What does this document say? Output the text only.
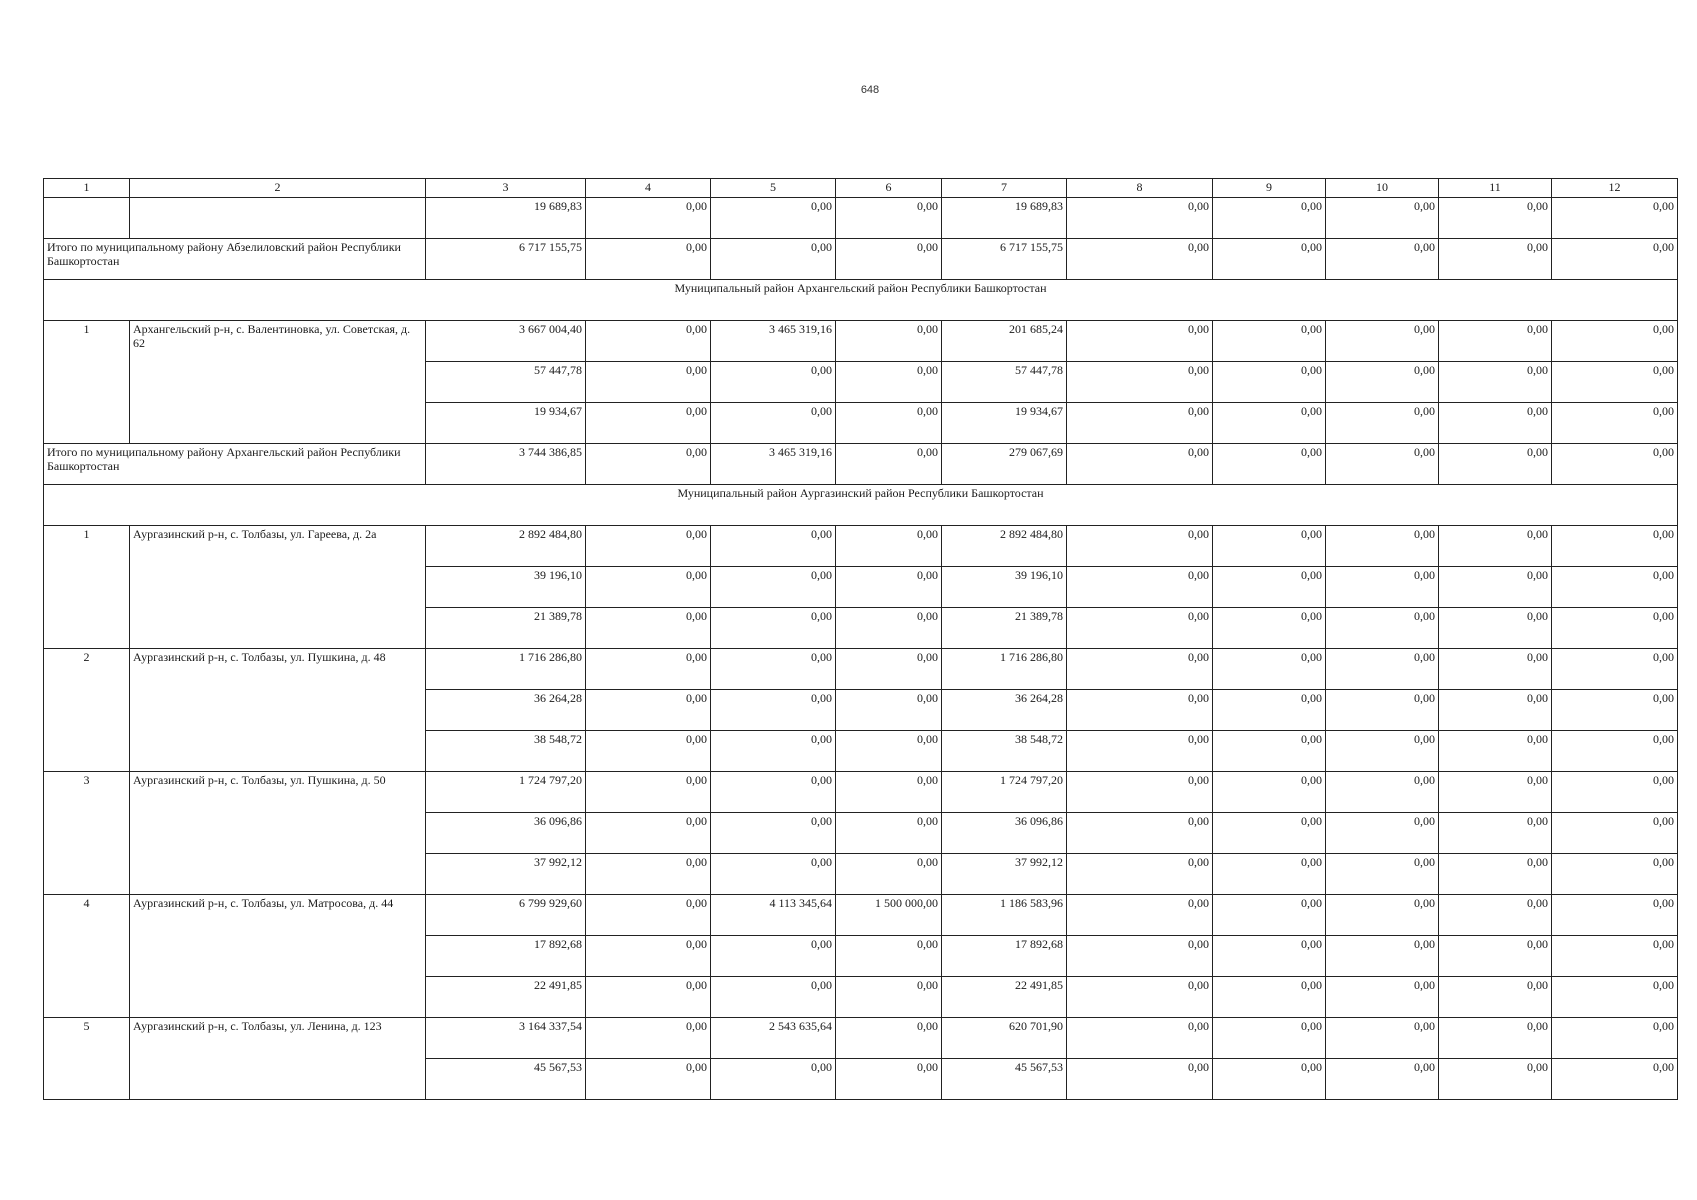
648
1	2	3	4	5	6	7	8	9	10	11	12
		19 689,83	0,00	0,00	0,00	19 689,83	0,00	0,00	0,00	0,00	0,00
Итого по муниципальному району Абзелиловский район Республики Башкортостан		6 717 155,75	0,00	0,00	0,00	6 717 155,75	0,00	0,00	0,00	0,00	0,00
Муниципальный район Архангельский район Республики Башкортостан											
1	Архангельский р-н, с. Валентиновка, ул. Советская, д. 62	3 667 004,40	0,00	3 465 319,16	0,00	201 685,24	0,00	0,00	0,00	0,00	0,00
		57 447,78	0,00	0,00	0,00	57 447,78	0,00	0,00	0,00	0,00	0,00
		19 934,67	0,00	0,00	0,00	19 934,67	0,00	0,00	0,00	0,00	0,00
Итого по муниципальному району Архангельский район Республики Башкортостан		3 744 386,85	0,00	3 465 319,16	0,00	279 067,69	0,00	0,00	0,00	0,00	0,00
Муниципальный район Аургазинский район Республики Башкортостан											
1	Аургазинский р-н, с. Толбазы, ул. Гареева, д. 2а	2 892 484,80	0,00	0,00	0,00	2 892 484,80	0,00	0,00	0,00	0,00	0,00
		39 196,10	0,00	0,00	0,00	39 196,10	0,00	0,00	0,00	0,00	0,00
		21 389,78	0,00	0,00	0,00	21 389,78	0,00	0,00	0,00	0,00	0,00
2	Аургазинский р-н, с. Толбазы, ул. Пушкина, д. 48	1 716 286,80	0,00	0,00	0,00	1 716 286,80	0,00	0,00	0,00	0,00	0,00
		36 264,28	0,00	0,00	0,00	36 264,28	0,00	0,00	0,00	0,00	0,00
		38 548,72	0,00	0,00	0,00	38 548,72	0,00	0,00	0,00	0,00	0,00
3	Аургазинский р-н, с. Толбазы, ул. Пушкина, д. 50	1 724 797,20	0,00	0,00	0,00	1 724 797,20	0,00	0,00	0,00	0,00	0,00
		36 096,86	0,00	0,00	0,00	36 096,86	0,00	0,00	0,00	0,00	0,00
		37 992,12	0,00	0,00	0,00	37 992,12	0,00	0,00	0,00	0,00	0,00
4	Аургазинский р-н, с. Толбазы, ул. Матросова, д. 44	6 799 929,60	0,00	4 113 345,64	1 500 000,00	1 186 583,96	0,00	0,00	0,00	0,00	0,00
		17 892,68	0,00	0,00	0,00	17 892,68	0,00	0,00	0,00	0,00	0,00
		22 491,85	0,00	0,00	0,00	22 491,85	0,00	0,00	0,00	0,00	0,00
5	Аургазинский р-н, с. Толбазы, ул. Ленина, д. 123	3 164 337,54	0,00	2 543 635,64	0,00	620 701,90	0,00	0,00	0,00	0,00	0,00
		45 567,53	0,00	0,00	0,00	45 567,53	0,00	0,00	0,00	0,00	0,00
